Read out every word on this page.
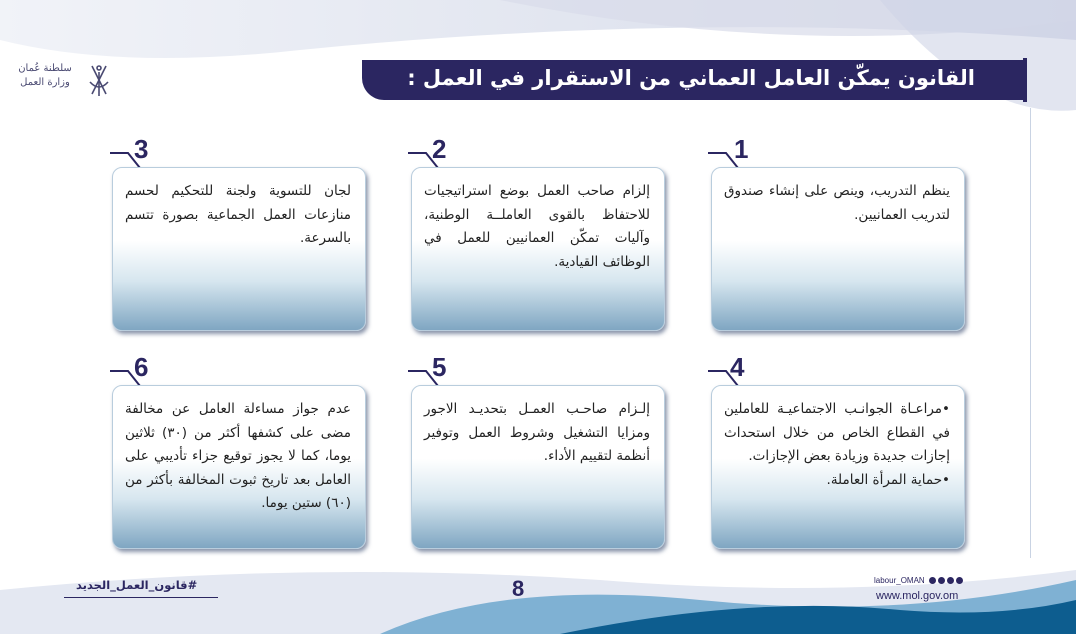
سلطنة عُمان
وزارة العمل	القانون يمكّن العامل العماني من الاستقرار في العمل :
1
ينظم التدريب، وينص على إنشاء صندوق لتدريب العمانيين.
2
إلزام صاحب العمل بوضع استراتيجيات للاحتفاظ بالقوى العاملــة الوطنية، وآليات تمكّن العمانيين للعمل في الوظائف القيادية.
3
لجان للتسوية ولجنة للتحكيم لحسم منازعات العمل الجماعية بصورة تتسم بالسرعة.
4
•مراعـاة الجوانـب الاجتماعيـة للعاملين في القطاع الخاص من خلال استحداث إجازات جديدة وزيادة بعض الإجازات.
•حماية المرأة العاملة.
5
إلـزام صاحـب العمـل بتحديـد الاجور ومزايا التشغيل وشروط العمل وتوفير أنظمة لتقييم الأداء.
6
عدم جواز مساءلة العامل عن مخالفة مضى على كشفها أكثر من (٣٠) ثلاثين يوما، كما لا يجوز توقيع جزاء تأديبي على العامل بعد تاريخ ثبوت المخالفة بأكثر من (٦٠) ستين يوما.
#قانون_العمل_الجديد	8	labour_OMAN
www.mol.gov.om
